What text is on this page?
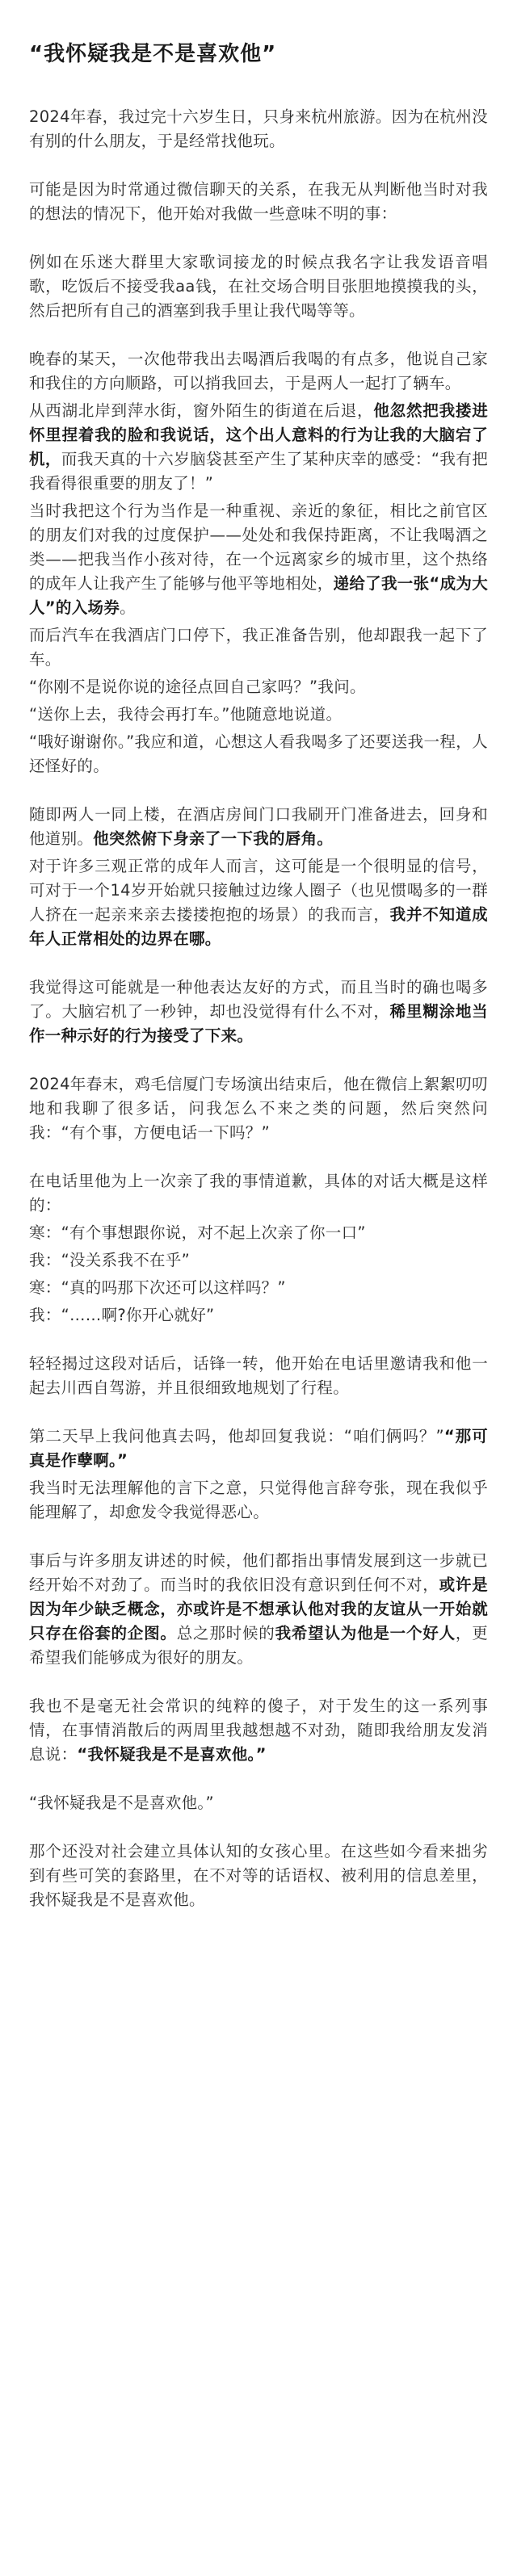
“我怀疑我是不是喜欢他”

2024年春，我过完十六岁生日，只身来杭州旅游。因为在杭州没有别的什么朋友，于是经常找他玩。

可能是因为时常通过微信聊天的关系，在我无从判断他当时对我的想法的情况下，他开始对我做一些意味不明的事：

例如在乐迷大群里大家歌词接龙的时候点我名字让我发语音唱歌，吃饭后不接受我aa钱，在社交场合明目张胆地摸摸我的头，然后把所有自己的酒塞到我手里让我代喝等等。

晚春的某天，一次他带我出去喝酒后我喝的有点多，他说自己家和我住的方向顺路，可以捎我回去，于是两人一起打了辆车。

从西湖北岸到萍水街，窗外陌生的街道在后退，他忽然把我搂进怀里捏着我的脸和我说话，这个出人意料的行为让我的大脑宕了机，而我天真的十六岁脑袋甚至产生了某种庆幸的感受：“我有把我看得很重要的朋友了！”

当时我把这个行为当作是一种重视、亲近的象征，相比之前官区的朋友们对我的过度保护——处处和我保持距离，不让我喝酒之类——把我当作小孩对待，在一个远离家乡的城市里，这个热络的成年人让我产生了能够与他平等地相处，递给了我一张“成为大人”的入场券。

而后汽车在我酒店门口停下，我正准备告别，他却跟我一起下了车。

“你刚不是说你说的途径点回自己家吗？”我问。

“送你上去，我待会再打车。”他随意地说道。

“哦好谢谢你。”我应和道，心想这人看我喝多了还要送我一程，人还怪好的。

随即两人一同上楼，在酒店房间门口我刷开门准备进去，回身和他道别。他突然俯下身亲了一下我的唇角。

对于许多三观正常的成年人而言，这可能是一个很明显的信号，可对于一个14岁开始就只接触过边缘人圈子（也见惯喝多的一群人挤在一起亲来亲去搂搂抱抱的场景）的我而言，我并不知道成年人正常相处的边界在哪。

我觉得这可能就是一种他表达友好的方式，而且当时的确也喝多了。大脑宕机了一秒钟，却也没觉得有什么不对，稀里糊涂地当作一种示好的行为接受了下来。

2024年春末，鸡毛信厦门专场演出结束后，他在微信上絮絮叨叨地和我聊了很多话，问我怎么不来之类的问题，然后突然问我：“有个事，方便电话一下吗？”

在电话里他为上一次亲了我的事情道歉，具体的对话大概是这样的：

寒：“有个事想跟你说，对不起上次亲了你一口”

我：“没关系我不在乎”

寒：“真的吗那下次还可以这样吗？”

我：“……啊?你开心就好”

轻轻揭过这段对话后，话锋一转，他开始在电话里邀请我和他一起去川西自驾游，并且很细致地规划了行程。

第二天早上我问他真去吗，他却回复我说：“咱们俩吗？”“那可真是作孽啊。”

我当时无法理解他的言下之意，只觉得他言辞夸张，现在我似乎能理解了，却愈发令我觉得恶心。

事后与许多朋友讲述的时候，他们都指出事情发展到这一步就已经开始不对劲了。而当时的我依旧没有意识到任何不对，或许是因为年少缺乏概念，亦或许是不想承认他对我的友谊从一开始就只存在俗套的企图。总之那时候的我希望认为他是一个好人，更希望我们能够成为很好的朋友。

我也不是毫无社会常识的纯粹的傻子，对于发生的这一系列事情，在事情消散后的两周里我越想越不对劲，随即我给朋友发消息说：“我怀疑我是不是喜欢他。”

“我怀疑我是不是喜欢他。”

那个还没对社会建立具体认知的女孩心里。在这些如今看来拙劣到有些可笑的套路里，在不对等的话语权、被利用的信息差里，我怀疑我是不是喜欢他。
